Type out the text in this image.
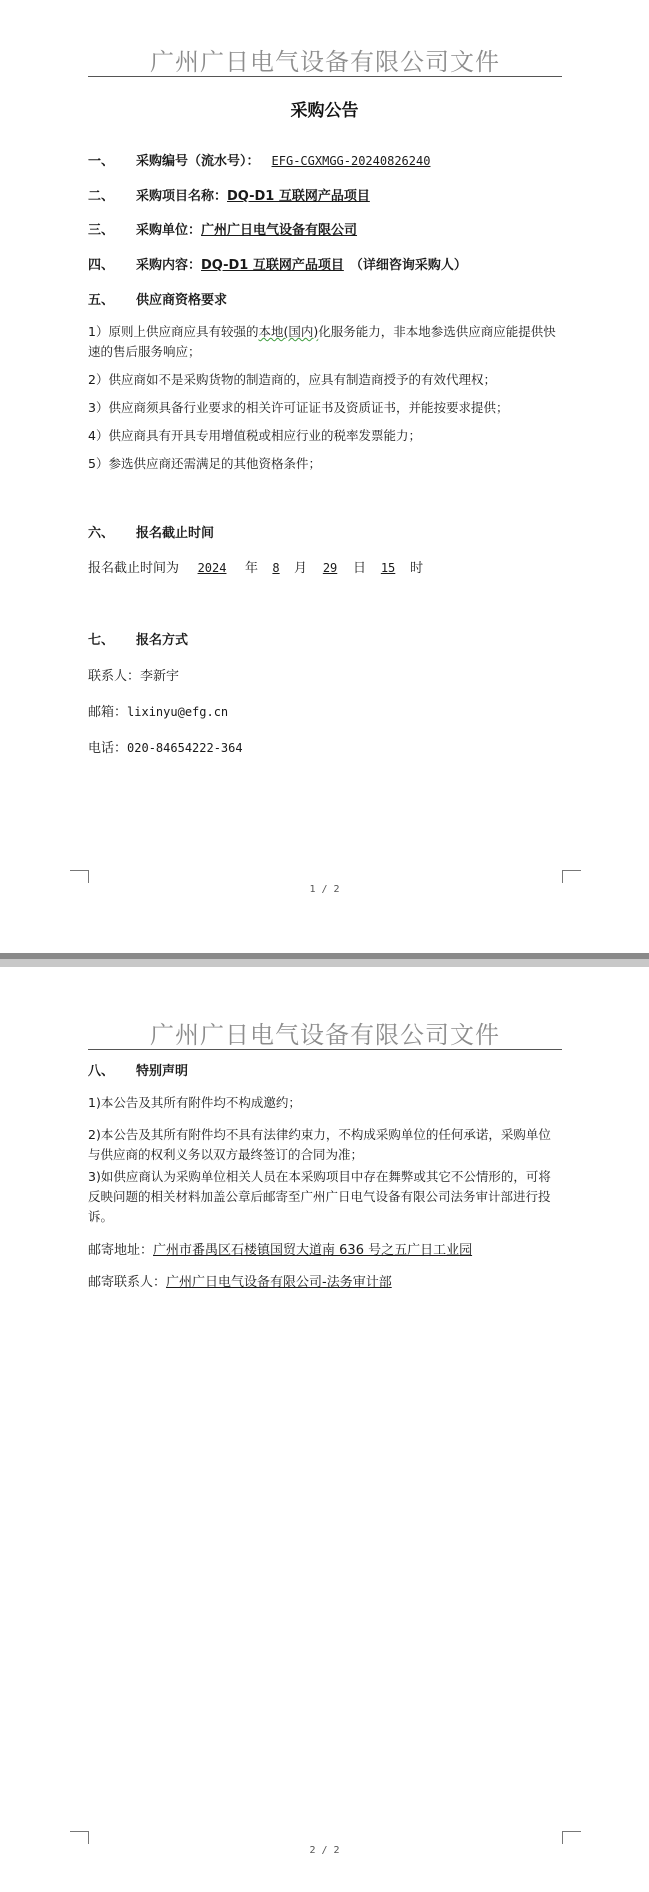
广州广日电气设备有限公司文件
采购公告
一、 采购编号（流水号）： EFG-CGXMGG-20240826240
二、 采购项目名称：DQ-D1 互联网产品项目
三、 采购单位：广州广日电气设备有限公司
四、 采购内容：DQ-D1 互联网产品项目 （详细咨询采购人）
五、 供应商资格要求
1）原则上供应商应具有较强的本地(国内)化服务能力，非本地参选供应商应能提供快速的售后服务响应；
2）供应商如不是采购货物的制造商的，应具有制造商授予的有效代理权；
3）供应商须具备行业要求的相关许可证证书及资质证书，并能按要求提供；
4）供应商具有开具专用增值税或相应行业的税率发票能力；
5）参选供应商还需满足的其他资格条件；
六、 报名截止时间
报名截止时间为 2024 年 8 月 29 日 15 时
七、 报名方式
联系人：李新宇
邮箱：lixinyu@efg.cn
电话：020-84654222-364
1 / 2
广州广日电气设备有限公司文件
八、 特别声明
1)本公告及其所有附件均不构成邀约；
2)本公告及其所有附件均不具有法律约束力，不构成采购单位的任何承诺，采购单位与供应商的权利义务以双方最终签订的合同为准；
3)如供应商认为采购单位相关人员在本采购项目中存在舞弊或其它不公情形的，可将反映问题的相关材料加盖公章后邮寄至广州广日电气设备有限公司法务审计部进行投诉。
邮寄地址：广州市番禺区石楼镇国贸大道南 636 号之五广日工业园
邮寄联系人：广州广日电气设备有限公司-法务审计部
2 / 2
